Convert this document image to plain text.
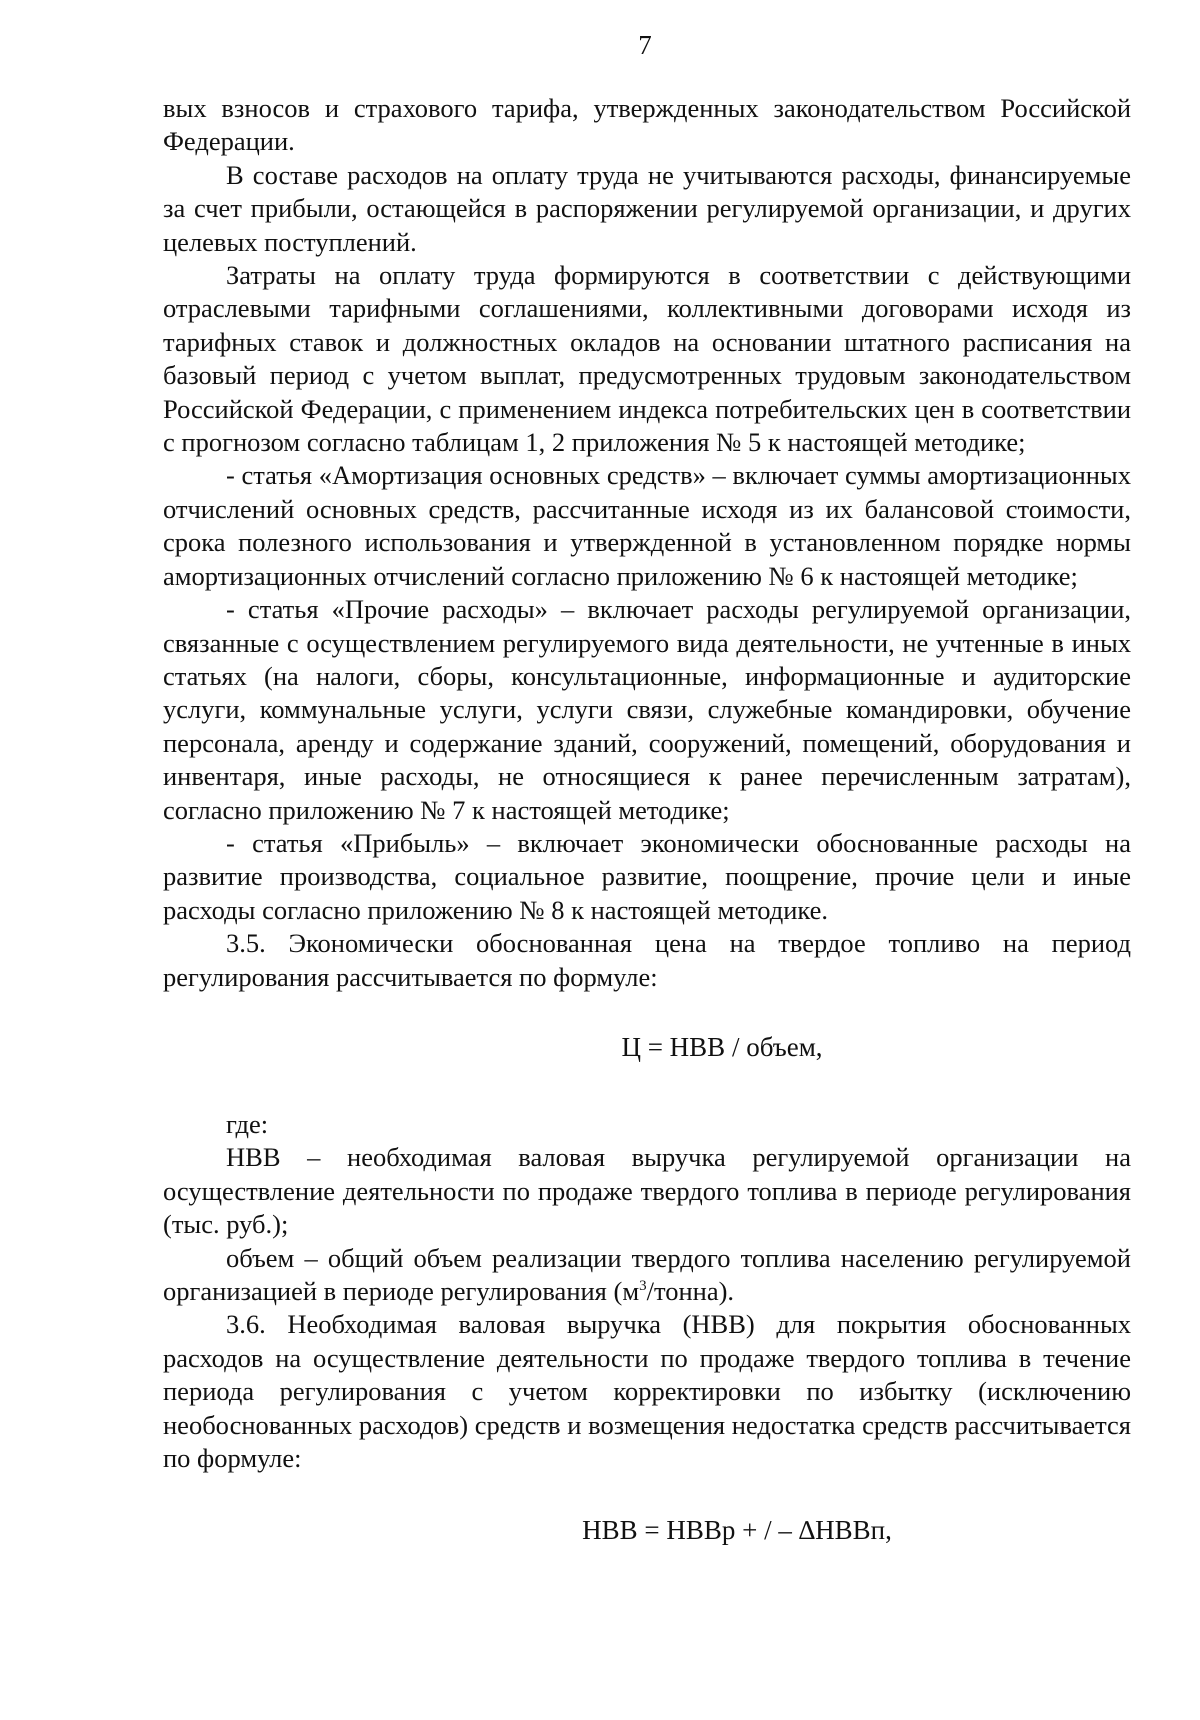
7

вых взносов и страхового тарифа, утвержденных законодательством Российской Федерации.

В составе расходов на оплату труда не учитываются расходы, финансируемые за счет прибыли, остающейся в распоряжении регулируемой организации, и других целевых поступлений.

Затраты на оплату труда формируются в соответствии с действующими отраслевыми тарифными соглашениями, коллективными договорами исходя из тарифных ставок и должностных окладов на основании штатного расписания на базовый период с учетом выплат, предусмотренных трудовым законодательством Российской Федерации, с применением индекса потребительских цен в соответствии с прогнозом согласно таблицам 1, 2 приложения № 5 к настоящей методике;

- статья «Амортизация основных средств» – включает суммы амортизационных отчислений основных средств, рассчитанные исходя из их балансовой стоимости, срока полезного использования и утвержденной в установленном порядке нормы амортизационных отчислений согласно приложению № 6 к настоящей методике;

- статья «Прочие расходы» – включает расходы регулируемой организации, связанные с осуществлением регулируемого вида деятельности, не учтенные в иных статьях (на налоги, сборы, консультационные, информационные и аудиторские услуги, коммунальные услуги, услуги связи, служебные командировки, обучение персонала, аренду и содержание зданий, сооружений, помещений, оборудования и инвентаря, иные расходы, не относящиеся к ранее перечисленным затратам), согласно приложению № 7 к настоящей методике;

- статья «Прибыль» – включает экономически обоснованные расходы на развитие производства, социальное развитие, поощрение, прочие цели и иные расходы согласно приложению № 8 к настоящей методике.

3.5. Экономически обоснованная цена на твердое топливо на период регулирования рассчитывается по формуле:

Ц = НВВ / объем,

где:

НВВ – необходимая валовая выручка регулируемой организации на осуществление деятельности по продаже твердого топлива в периоде регулирования (тыс. руб.);

объем – общий объем реализации твердого топлива населению регулируемой организацией в периоде регулирования $(м^3/тонна)$.

3.6. Необходимая валовая выручка (НВВ) для покрытия обоснованных расходов на осуществление деятельности по продаже твердого топлива в течение периода регулирования с учетом корректировки по избытку (исключению необоснованных расходов) средств и возмещения недостатка средств рассчитывается по формуле:

НВВ = НВВр + / – ∆НВВп,
